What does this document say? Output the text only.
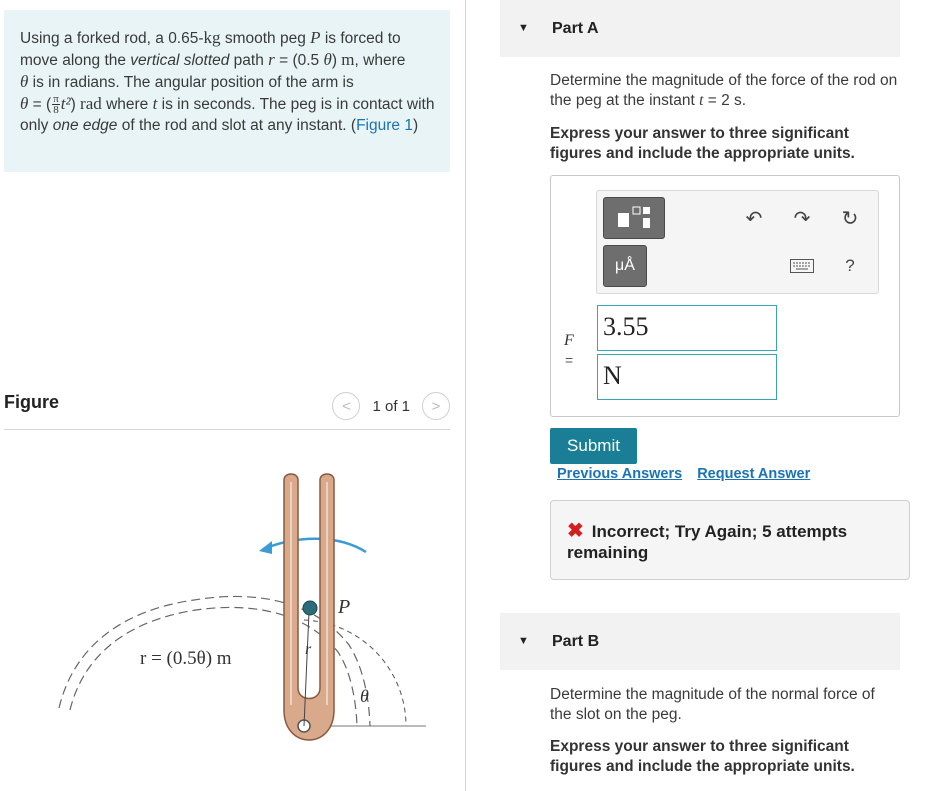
Using a forked rod, a 0.65-kg smooth peg P is forced to move along the vertical slotted path r = (0.5 θ) m, where
θ is in radians. The angular position of the arm is
θ = ( $\frac{\pi}{8} t^2$) rad where t is in seconds. The peg is in contact with only one edge of the rod and slot at any instant. (Figure 1)
Figure	< 1 of 1 >
P
r = (0.5θ) m	r
θ
▼ Part A
Determine the magnitude of the force of the rod on the peg at the instant t = 2 s.
Express your answer to three significant figures and include the appropriate units.
μÅ
↶ ↷ ↻
?
F
=
3.55
N
Submit
Previous Answers Request Answer
✖ Incorrect; Try Again; 5 attempts remaining
▼ Part B
Determine the magnitude of the normal force of the slot on the peg.
Express your answer to three significant figures and include the appropriate units.
